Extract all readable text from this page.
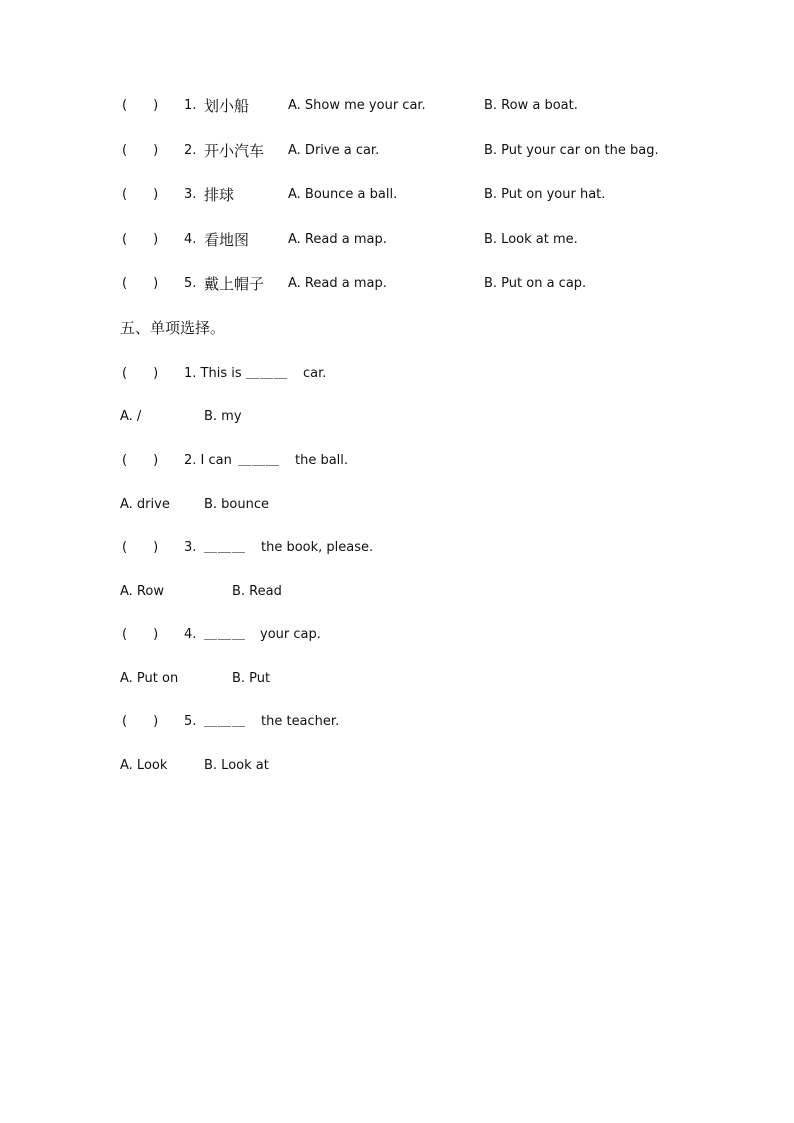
(　　) 1. 划小船	A. Show me your car.	B. Row a boat.
(　　) 2. 开小汽车 A. Drive a car.	B. Put your car on the bag.
(　　) 3. 排球	A. Bounce a ball.	B. Put on your hat.
(　　) 4. 看地图	A. Read a map.	B. Look at me.
(　　) 5. 戴上帽子 A. Read a map.	B. Put on a cap.
五、单项选择。
(　　) 1. This is ＿＿＿ car.
A. /	B. my
(　　) 2. I can ＿＿＿ the ball.
A. drive	B. bounce
(　　) 3. ＿＿＿ the book, please.
A. Row	B. Read
(　　) 4. ＿＿＿ your cap.
A. Put on	B. Put
(　　) 5. ＿＿＿ the teacher.
A. Look	B. Look at
